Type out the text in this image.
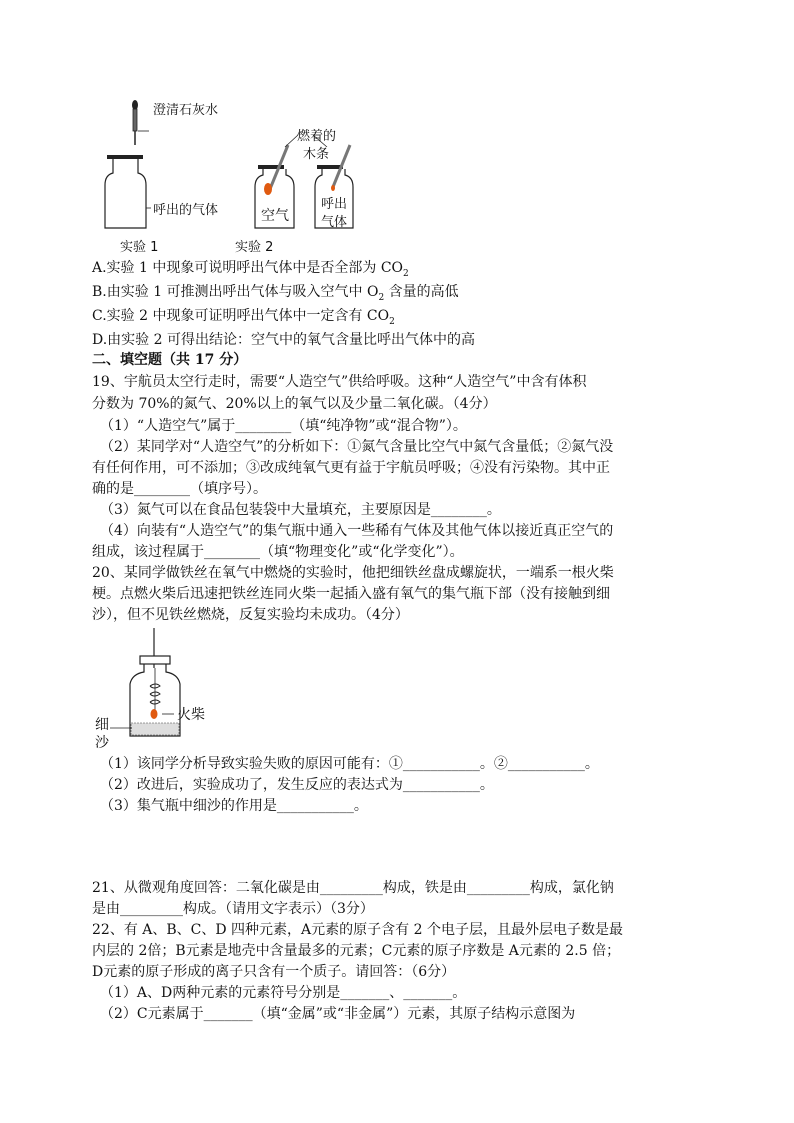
澄清石灰水
呼出的气体
实验 1	实验 2
燃着的
木条
空气
呼出
气体
A.实验 1 中现象可说明呼出气体中是否全部为 $CO_2$
B.由实验 1 可推测出呼出气体与吸入空气中 $O_2$ 含量的高低
C.实验 2 中现象可证明呼出气体中一定含有 $CO_2$
D.由实验 2 可得出结论：空气中的氧气含量比呼出气体中的高
二、填空题（共 17 分）
19、宇航员太空行走时，需要“人造空气”供给呼吸。这种“人造空气”中含有体积
分数为 70%的氮气、20%以上的氧气以及少量二氧化碳。（4分）
（1）“人造空气”属于________（填“纯净物”或“混合物”）。
（2）某同学对“人造空气”的分析如下：①氮气含量比空气中氮气含量低；②氮气没
有任何作用，可不添加；③改成纯氧气更有益于宇航员呼吸；④没有污染物。其中正
确的是________（填序号）。
（3）氮气可以在食品包装袋中大量填充，主要原因是________。
（4）向装有“人造空气”的集气瓶中通入一些稀有气体及其他气体以接近真正空气的
组成，该过程属于________（填“物理变化”或“化学变化”）。
20、某同学做铁丝在氧气中燃烧的实验时，他把细铁丝盘成螺旋状，一端系一根火柴
梗。点燃火柴后迅速把铁丝连同火柴一起插入盛有氧气的集气瓶下部（没有接触到细
沙），但不见铁丝燃烧，反复实验均未成功。（4分）
火柴
细
沙
（1）该同学分析导致实验失败的原因可能有：①___________。②___________。
（2）改进后，实验成功了，发生反应的表达式为___________。
（3）集气瓶中细沙的作用是___________。
21、从微观角度回答：二氧化碳是由_________构成，铁是由_________构成，氯化钠
是由_________构成。（请用文字表示）（3分）
22、有 A、B、C、D 四种元素，A元素的原子含有 2 个电子层，且最外层电子数是最
内层的 2倍；B元素是地壳中含量最多的元素；C元素的原子序数是 A元素的 2.5 倍；
D元素的原子形成的离子只含有一个质子。请回答：（6分）
（1）A、D两种元素的元素符号分别是_______、_______。
（2）C元素属于_______（填“金属”或“非金属”）元素，其原子结构示意图为
